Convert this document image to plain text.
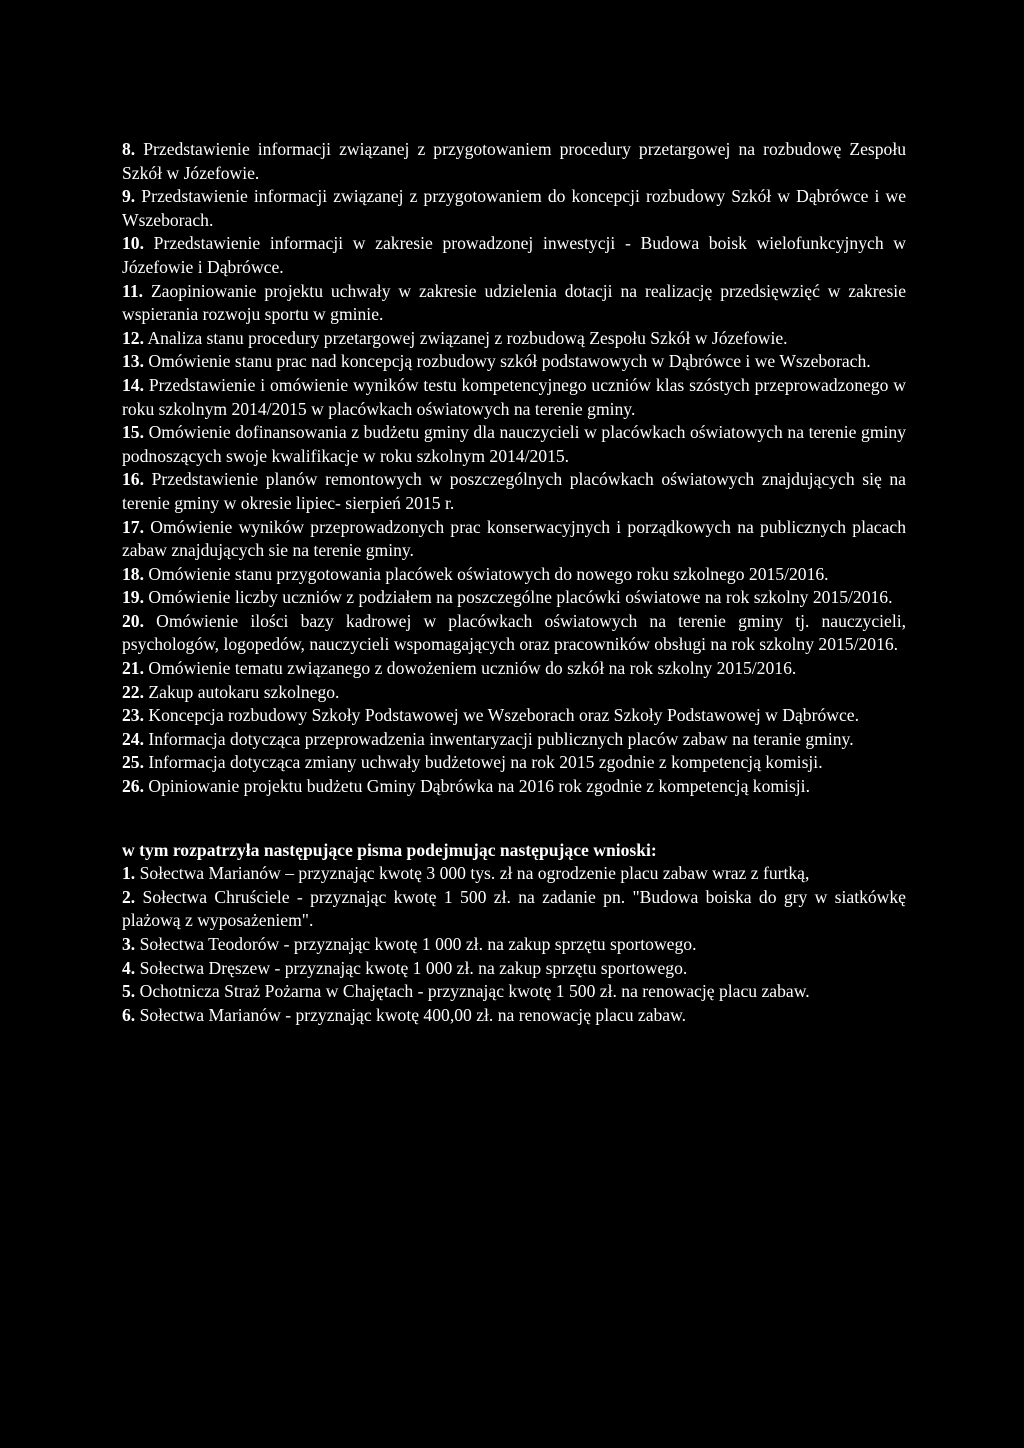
8. Przedstawienie informacji związanej z przygotowaniem procedury przetargowej na rozbudowę Zespołu Szkół w Józefowie.

9. Przedstawienie informacji związanej z przygotowaniem do koncepcji rozbudowy Szkół w Dąbrówce i we Wszeborach.

10. Przedstawienie informacji w zakresie prowadzonej inwestycji - Budowa boisk wielofunkcyjnych w Józefowie i Dąbrówce.

11. Zaopiniowanie projektu uchwały w zakresie udzielenia dotacji na realizację przedsięwzięć w zakresie wspierania rozwoju sportu w gminie.

12. Analiza stanu procedury przetargowej związanej z rozbudową Zespołu Szkół w Józefowie.

13. Omówienie stanu prac nad koncepcją rozbudowy szkół podstawowych w Dąbrówce i we Wszeborach.

14. Przedstawienie i omówienie wyników testu kompetencyjnego uczniów klas szóstych przeprowadzonego w roku szkolnym 2014/2015 w placówkach oświatowych na terenie gminy.

15. Omówienie dofinansowania z budżetu gminy dla nauczycieli w placówkach oświatowych na terenie gminy podnoszących swoje kwalifikacje w roku szkolnym 2014/2015.

16. Przedstawienie planów remontowych w poszczególnych placówkach oświatowych znajdujących się na terenie gminy w okresie lipiec- sierpień 2015 r.

17. Omówienie wyników przeprowadzonych prac konserwacyjnych i porządkowych na publicznych placach zabaw znajdujących sie na terenie gminy.

18. Omówienie stanu przygotowania placówek oświatowych do nowego roku szkolnego 2015/2016.

19. Omówienie liczby uczniów z podziałem na poszczególne placówki oświatowe na rok szkolny 2015/2016.

20. Omówienie ilości bazy kadrowej w placówkach oświatowych na terenie gminy tj. nauczycieli, psychologów, logopedów, nauczycieli wspomagających oraz pracowników obsługi na rok szkolny 2015/2016.

21. Omówienie tematu związanego z dowożeniem uczniów do szkół na rok szkolny 2015/2016.

22. Zakup autokaru szkolnego.

23. Koncepcja rozbudowy Szkoły Podstawowej we Wszeborach oraz Szkoły Podstawowej w Dąbrówce.

24. Informacja dotycząca przeprowadzenia inwentaryzacji publicznych placów zabaw na teranie gminy.

25. Informacja dotycząca zmiany uchwały budżetowej na rok 2015 zgodnie z kompetencją komisji.

26. Opiniowanie projektu budżetu Gminy Dąbrówka na 2016 rok zgodnie z kompetencją komisji.

w tym rozpatrzyła następujące pisma podejmując następujące wnioski:

1. Sołectwa Marianów – przyznając kwotę 3 000 tys. zł na ogrodzenie placu zabaw wraz z furtką,

2. Sołectwa Chruściele - przyznając kwotę 1 500 zł. na zadanie pn. "Budowa boiska do gry w siatkówkę plażową z wyposażeniem".

3. Sołectwa Teodorów - przyznając kwotę 1 000 zł. na zakup sprzętu sportowego.

4. Sołectwa Dręszew - przyznając kwotę 1 000 zł. na zakup sprzętu sportowego.

5. Ochotnicza Straż Pożarna w Chajętach - przyznając kwotę 1 500 zł. na renowację placu zabaw.

6. Sołectwa Marianów - przyznając kwotę 400,00 zł. na renowację placu zabaw.
